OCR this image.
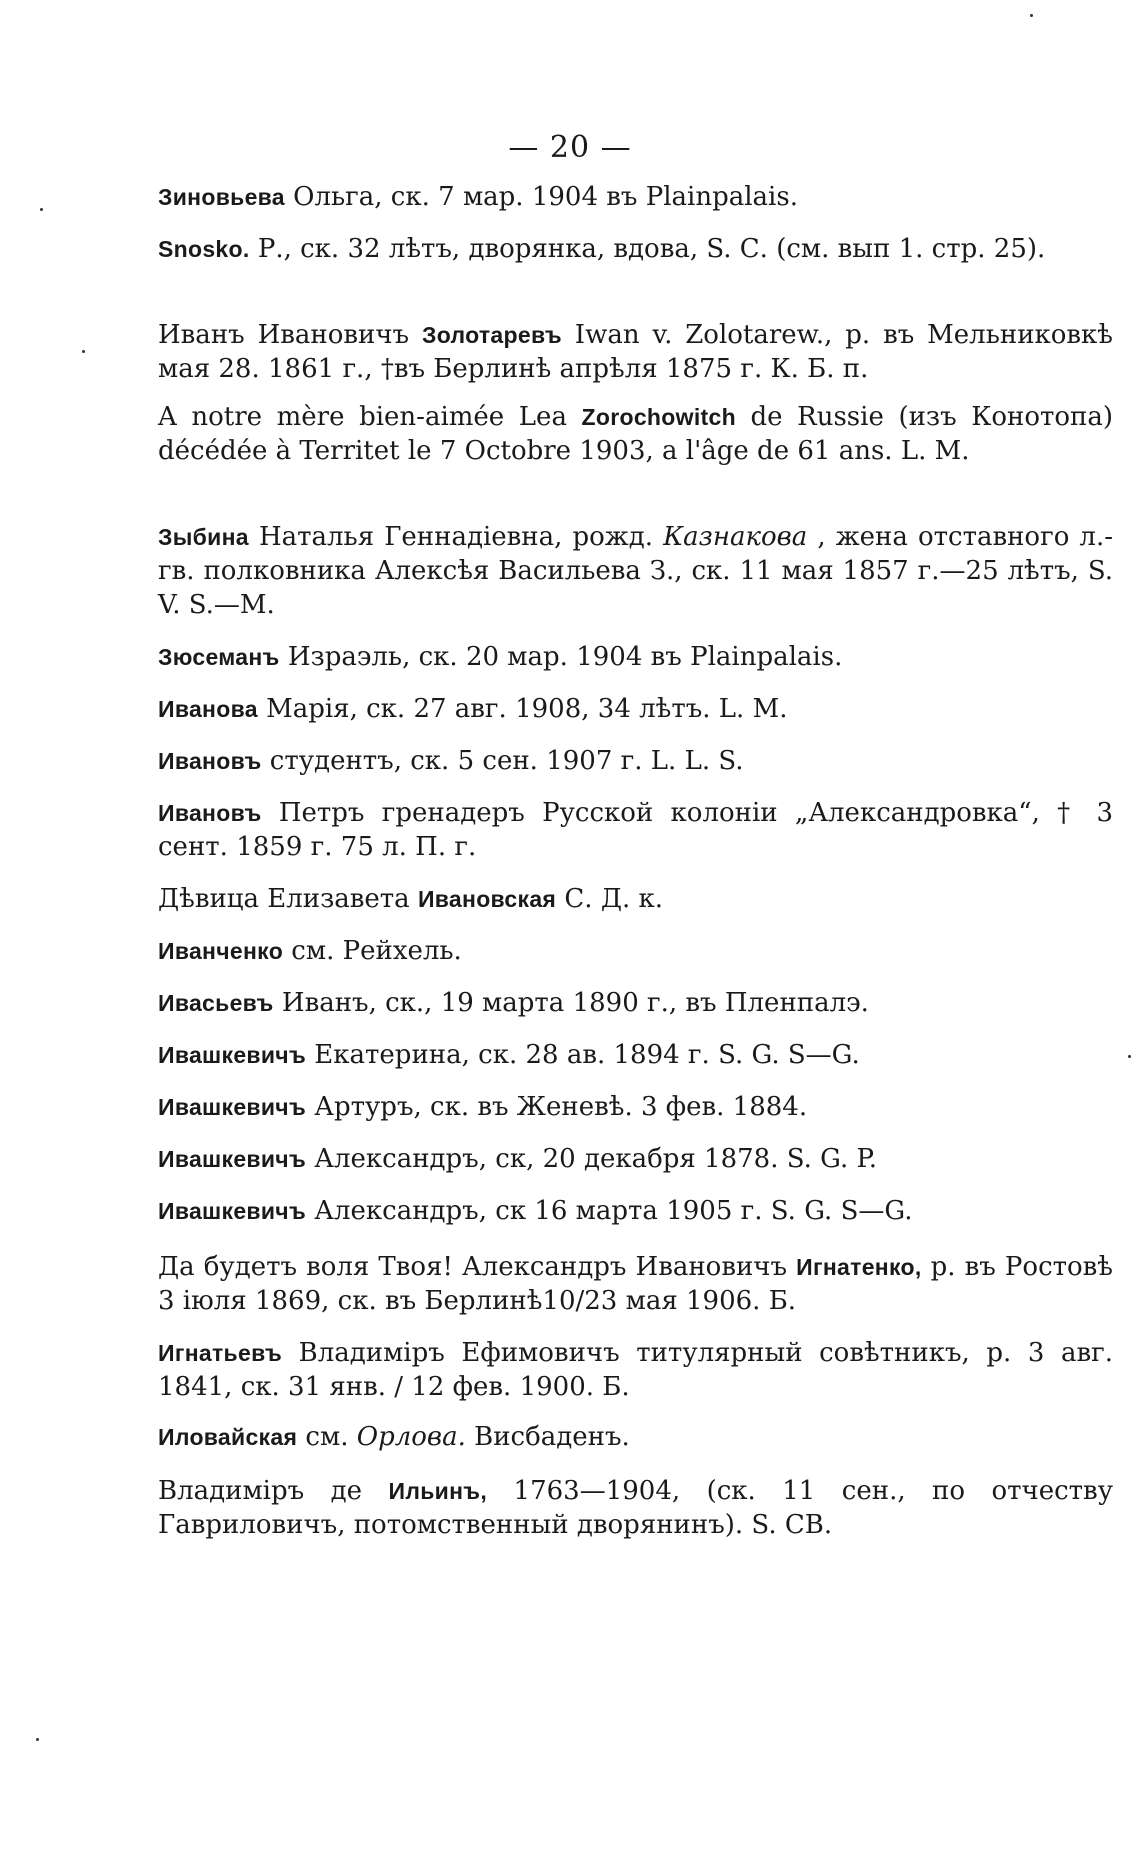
— 20 —
Зиновьева Ольга, ск. 7 мар. 1904 въ Plainpalais.
Snosko. Р., ск. 32 лѣтъ, дворянка, вдова, S. С. (см. вып 1. стр. 25).
Иванъ Ивановичъ Золотаревъ Iwan v. Zolotarew., р. въ Мельниковкѣ мая 28. 1861 г., †въ Берлинѣ апрѣля 1875 г. К. Б. п.
A notre mère bien-aimée Lea Zorochowitch de Russie (изъ Конотопа) décédée à Territet le 7 Octobre 1903, a l'âge de 61 ans. L. M.
Зыбина Наталья Геннадіевна, рожд. Казнакова , жена отставного л.-гв. полковника Алексѣя Васильева З., ск. 11 мая 1857 г.—25 лѣтъ, S. V. S.—M.
Зюсеманъ Израэль, ск. 20 мар. 1904 въ Plainpalais.
Иванова Марія, ск. 27 авг. 1908, 34 лѣтъ. L. M.
Ивановъ студентъ, ск. 5 сен. 1907 г. L. L. S.
Ивановъ Петръ гренадеръ Русской колоніи „Александровка“, † 3 сент. 1859 г. 75 л. П. г.
Дѣвица Елизавета Ивановская С. Д. к.
Иванченко см. Рейхель.
Ивасьевъ Иванъ, ск., 19 марта 1890 г., въ Пленпалэ.
Ивашкевичъ Екатерина, ск. 28 ав. 1894 г. S. G. S—G.
Ивашкевичъ Артуръ, ск. въ Женевѣ. 3 фев. 1884.
Ивашкевичъ Александръ, ск, 20 декабря 1878. S. G. P.
Ивашкевичъ Александръ, ск 16 марта 1905 г. S. G. S—G.
Да будетъ воля Твоя! Александръ Ивановичъ Игнатенко, р. въ Ростовѣ 3 іюля 1869, ск. въ Берлинѣ10/23 мая 1906. Б.
Игнатьевъ Владиміръ Ефимовичъ титулярный совѣтникъ, р. 3 авг. 1841, ск. 31 янв. / 12 фев. 1900. Б.
Иловайская см. Орлова. Висбаденъ.
Владиміръ де Ильинъ, 1763—1904, (ск. 11 сен., по отчеству Гавриловичъ, потомственный дворянинъ). S. CB.
